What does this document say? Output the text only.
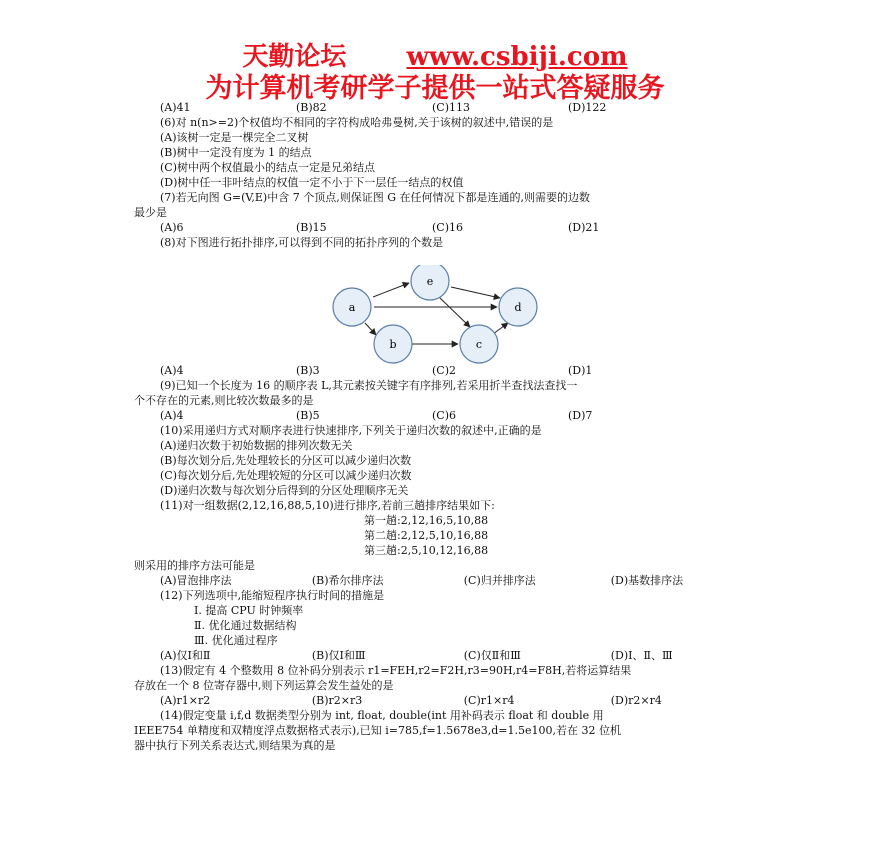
天勤论坛 www.csbiji.com
为计算机考研学子提供一站式答疑服务
(A)41	(B)82	(C)113	(D)122
(6)对 n(n>=2)个权值均不相同的字符构成哈弗曼树,关于该树的叙述中,错误的是
(A)该树一定是一棵完全二叉树
(B)树中一定没有度为 1 的结点
(C)树中两个权值最小的结点一定是兄弟结点
(D)树中任一非叶结点的权值一定不小于下一层任一结点的权值
(7)若无向图 G=(V,E)中含 7 个顶点,则保证图 G 在任何情况下都是连通的,则需要的边数
最少是
(A)6	(B)15	(C)16	(D)21
(8)对下图进行拓扑排序,可以得到不同的拓扑序列的个数是
(A)4	(B)3	(C)2	(D)1
(9)已知一个长度为 16 的顺序表 L,其元素按关键字有序排列,若采用折半查找法查找一
个不存在的元素,则比较次数最多的是
(A)4	(B)5	(C)6	(D)7
(10)采用递归方式对顺序表进行快速排序,下列关于递归次数的叙述中,正确的是
(A)递归次数于初始数据的排列次数无关
(B)每次划分后,先处理较长的分区可以减少递归次数
(C)每次划分后,先处理较短的分区可以减少递归次数
(D)递归次数与每次划分后得到的分区处理顺序无关
(11)对一组数据(2,12,16,88,5,10)进行排序,若前三趟排序结果如下:
第一趟:2,12,16,5,10,88
第二趟:2,12,5,10,16,88
第三趟:2,5,10,12,16,88
则采用的排序方法可能是
(A)冒泡排序法	(B)希尔排序法	(C)归并排序法	(D)基数排序法
(12)下列选项中,能缩短程序执行时间的措施是
Ⅰ. 提高 CPU 时钟频率
Ⅱ. 优化通过数据结构
Ⅲ. 优化通过程序
(A)仅Ⅰ和Ⅱ	(B)仅Ⅰ和Ⅲ	(C)仅Ⅱ和Ⅲ	(D)Ⅰ、Ⅱ、Ⅲ
(13)假定有 4 个整数用 8 位补码分别表示 r1=FEH,r2=F2H,r3=90H,r4=F8H,若将运算结果
存放在一个 8 位寄存器中,则下列运算会发生益处的是
(A)r1×r2	(B)r2×r3	(C)r1×r4	(D)r2×r4
(14)假定变量 i,f,d 数据类型分别为 int, float, double(int 用补码表示 float 和 double 用
IEEE754 单精度和双精度浮点数据格式表示),已知 i=785,f=1.5678e3,d=1.5e100,若在 32 位机
器中执行下列关系表达式,则结果为真的是
a
e
d
b	c
